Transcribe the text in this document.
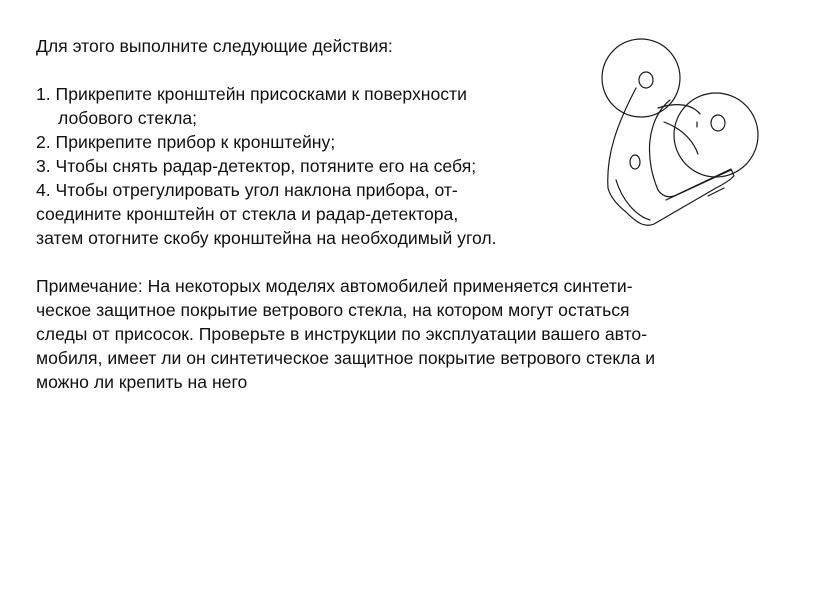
Для этого выполните следующие действия:

1. Прикрепите кронштейн присосками к поверхности
лобового стекла;
2. Прикрепите прибор к кронштейну;
3. Чтобы снять радар-детектор, потяните его на себя;
4. Чтобы отрегулировать угол наклона прибора, от-
соедините кронштейн от стекла и радар-детектора,
затем отогните скобу кронштейна на необходимый угол.

Примечание: На некоторых моделях автомобилей применяется синтети-
ческое защитное покрытие ветрового стекла, на котором могут остаться
следы от присосок. Проверьте в инструкции по эксплуатации вашего авто-
мобиля, имеет ли он синтетическое защитное покрытие ветрового стекла и
можно ли крепить на него
